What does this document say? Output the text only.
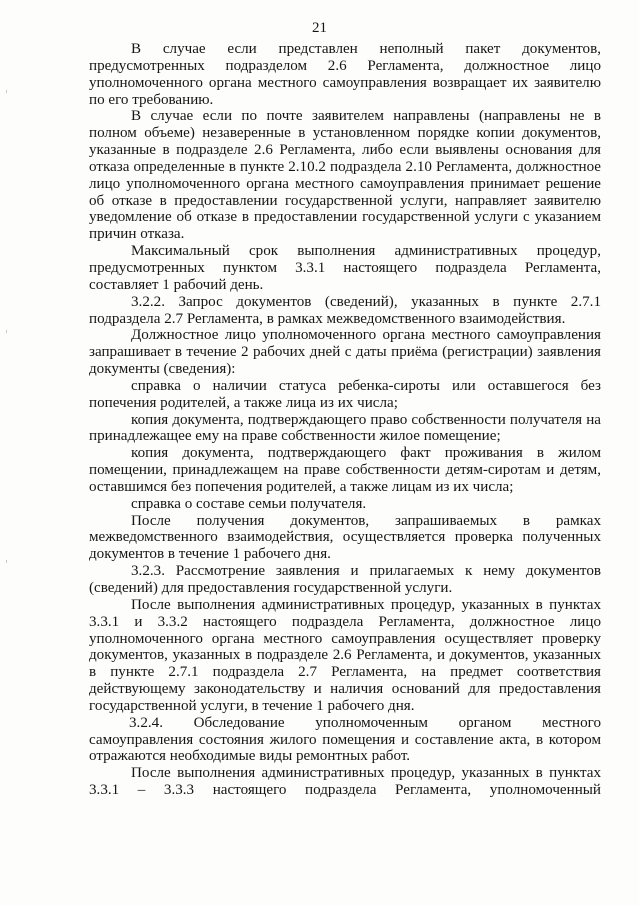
21

В случае если представлен неполный пакет документов, предусмотренных подразделом 2.6 Регламента, должностное лицо уполномоченного органа местного самоуправления возвращает их заявителю по его требованию.

В случае если по почте заявителем направлены (направлены не в полном объеме) незаверенные в установленном порядке копии документов, указанные в подразделе 2.6 Регламента, либо если выявлены основания для отказа определенные в пункте 2.10.2 подраздела 2.10 Регламента, должностное лицо уполномоченного органа местного самоуправления принимает решение об отказе в предоставлении государственной услуги, направляет заявителю уведомление об отказе в предоставлении государственной услуги с указанием причин отказа.

Максимальный срок выполнения административных процедур, предусмотренных пунктом 3.3.1 настоящего подраздела Регламента, составляет 1 рабочий день.

3.2.2. Запрос документов (сведений), указанных в пункте 2.7.1 подраздела 2.7 Регламента, в рамках межведомственного взаимодействия.

Должностное лицо уполномоченного органа местного самоуправления запрашивает в течение 2 рабочих дней с даты приёма (регистрации) заявления документы (сведения):

справка о наличии статуса ребенка-сироты или оставшегося без попечения родителей, а также лица из их числа;

копия документа, подтверждающего право собственности получателя на принадлежащее ему на праве собственности жилое помещение;

копия документа, подтверждающего факт проживания в жилом помещении, принадлежащем на праве собственности детям-сиротам и детям, оставшимся без попечения родителей, а также лицам из их числа;

справка о составе семьи получателя.

После получения документов, запрашиваемых в рамках межведомственного взаимодействия, осуществляется проверка полученных документов в течение 1 рабочего дня.

3.2.3. Рассмотрение заявления и прилагаемых к нему документов (сведений) для предоставления государственной услуги.

После выполнения административных процедур, указанных в пунктах 3.3.1 и 3.3.2 настоящего подраздела Регламента, должностное лицо уполномоченного органа местного самоуправления осуществляет проверку документов, указанных в подразделе 2.6 Регламента, и документов, указанных в пункте 2.7.1 подраздела 2.7 Регламента, на предмет соответствия действующему законодательству и наличия оснований для предоставления государственной услуги, в течение 1 рабочего дня.

3.2.4. Обследование уполномоченным органом местного самоуправления состояния жилого помещения и составление акта, в котором отражаются необходимые виды ремонтных работ.

После выполнения административных процедур, указанных в пунктах 3.3.1 – 3.3.3 настоящего подраздела Регламента, уполномоченный
